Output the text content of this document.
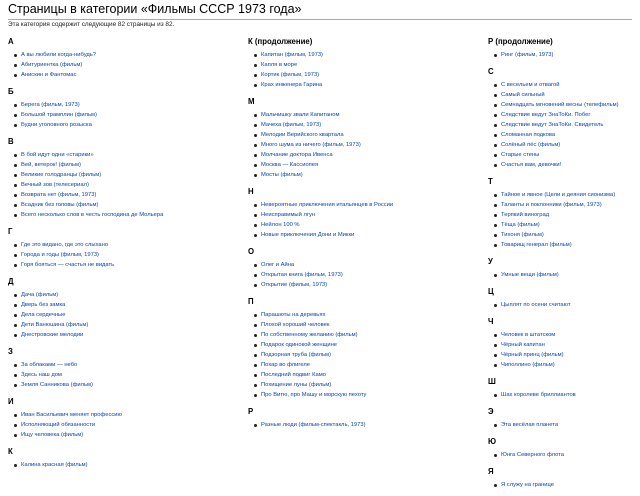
Страницы в категории «Фильмы СССР 1973 года»
Эта категория содержит следующие 82 страницы из 82.
А
А вы любили когда-нибудь?
Абитуриентка (фильм)
Анискин и Фантомас
Б
Берега (фильм, 1973)
Большой трамплин (фильм)
Будни уголовного розыска
В
В бой идут одни «старики»
Вей, ветерок! (фильм)
Великие голодранцы (фильм)
Вечный зов (телесериал)
Возврата нет (фильм, 1973)
Всадник без головы (фильм)
Всего несколько слов в честь господина де Мольера
Г
Где это видано, где это слыхано
Города и годы (фильм, 1973)
Горя бояться — счастья не видать
Д
Дача (фильм)
Дверь без замка
Дела сердечные
Дети Ванюшина (фильм)
Днестровские мелодии
З
За облаками — небо
Здесь наш дом
Земля Санникова (фильм)
И
Иван Васильевич меняет профессию
Исполняющий обязанности
Ищу человека (фильм)
К
Калина красная (фильм)
К (продолжение)
Капитан (фильм, 1973)
Капля в море
Кортик (фильм, 1973)
Крах инженера Гарина
М
Мальчишку звали Капитаном
Мачеха (фильм, 1973)
Мелодии Верийского квартала
Много шума из ничего (фильм, 1973)
Молчание доктора Ивенса
Москва — Кассиопея
Мосты (фильм)
Н
Невероятные приключения итальянцев в России
Неисправимый лгун
Нейлон 100 %
Новые приключения Дони и Микки
О
Олег и Айна
Открытая книга (фильм, 1973)
Открытие (фильм, 1973)
П
Парашюты на деревьях
Плохой хороший человек
По собственному желанию (фильм)
Подарок одинокой женщине
Подзорная труба (фильм)
Похар во флигеле
Последний подвиг Камо
Похищение луны (фильм)
Про Витю, про Машу и морскую пехоту
Р
Разные люди (фильм-спектакль, 1973)
Р (продолжение)
Ринг (фильм, 1973)
С
С весельем и отвагой
Самый сильный
Семнадцать мгновений весны (телефильм)
Следствие ведут ЗнаТоКи. Побег
Следствие ведут ЗнаТоКи. Свидетель
Сломанная подкова
Солёный пёс (фильм)
Старые стены
Счастья вам, девочки!
Т
Тайное и явное (Цели и деяния сионизма)
Таланты и поклонники (фильм, 1973)
Терпкий виноград
Тёща (фильм)
Тихоня (фильм)
Товарищ генерал (фильм)
У
Умные вещи (фильм)
Ц
Цыплят по осени считают
Ч
Человек в штатском
Чёрный капитан
Чёрный принц (фильм)
Чиполлино (фильм)
Ш
Шах королеве бриллиантов
Э
Эта весёлая планета
Ю
Юнга Северного флота
Я
Я служу на границе
